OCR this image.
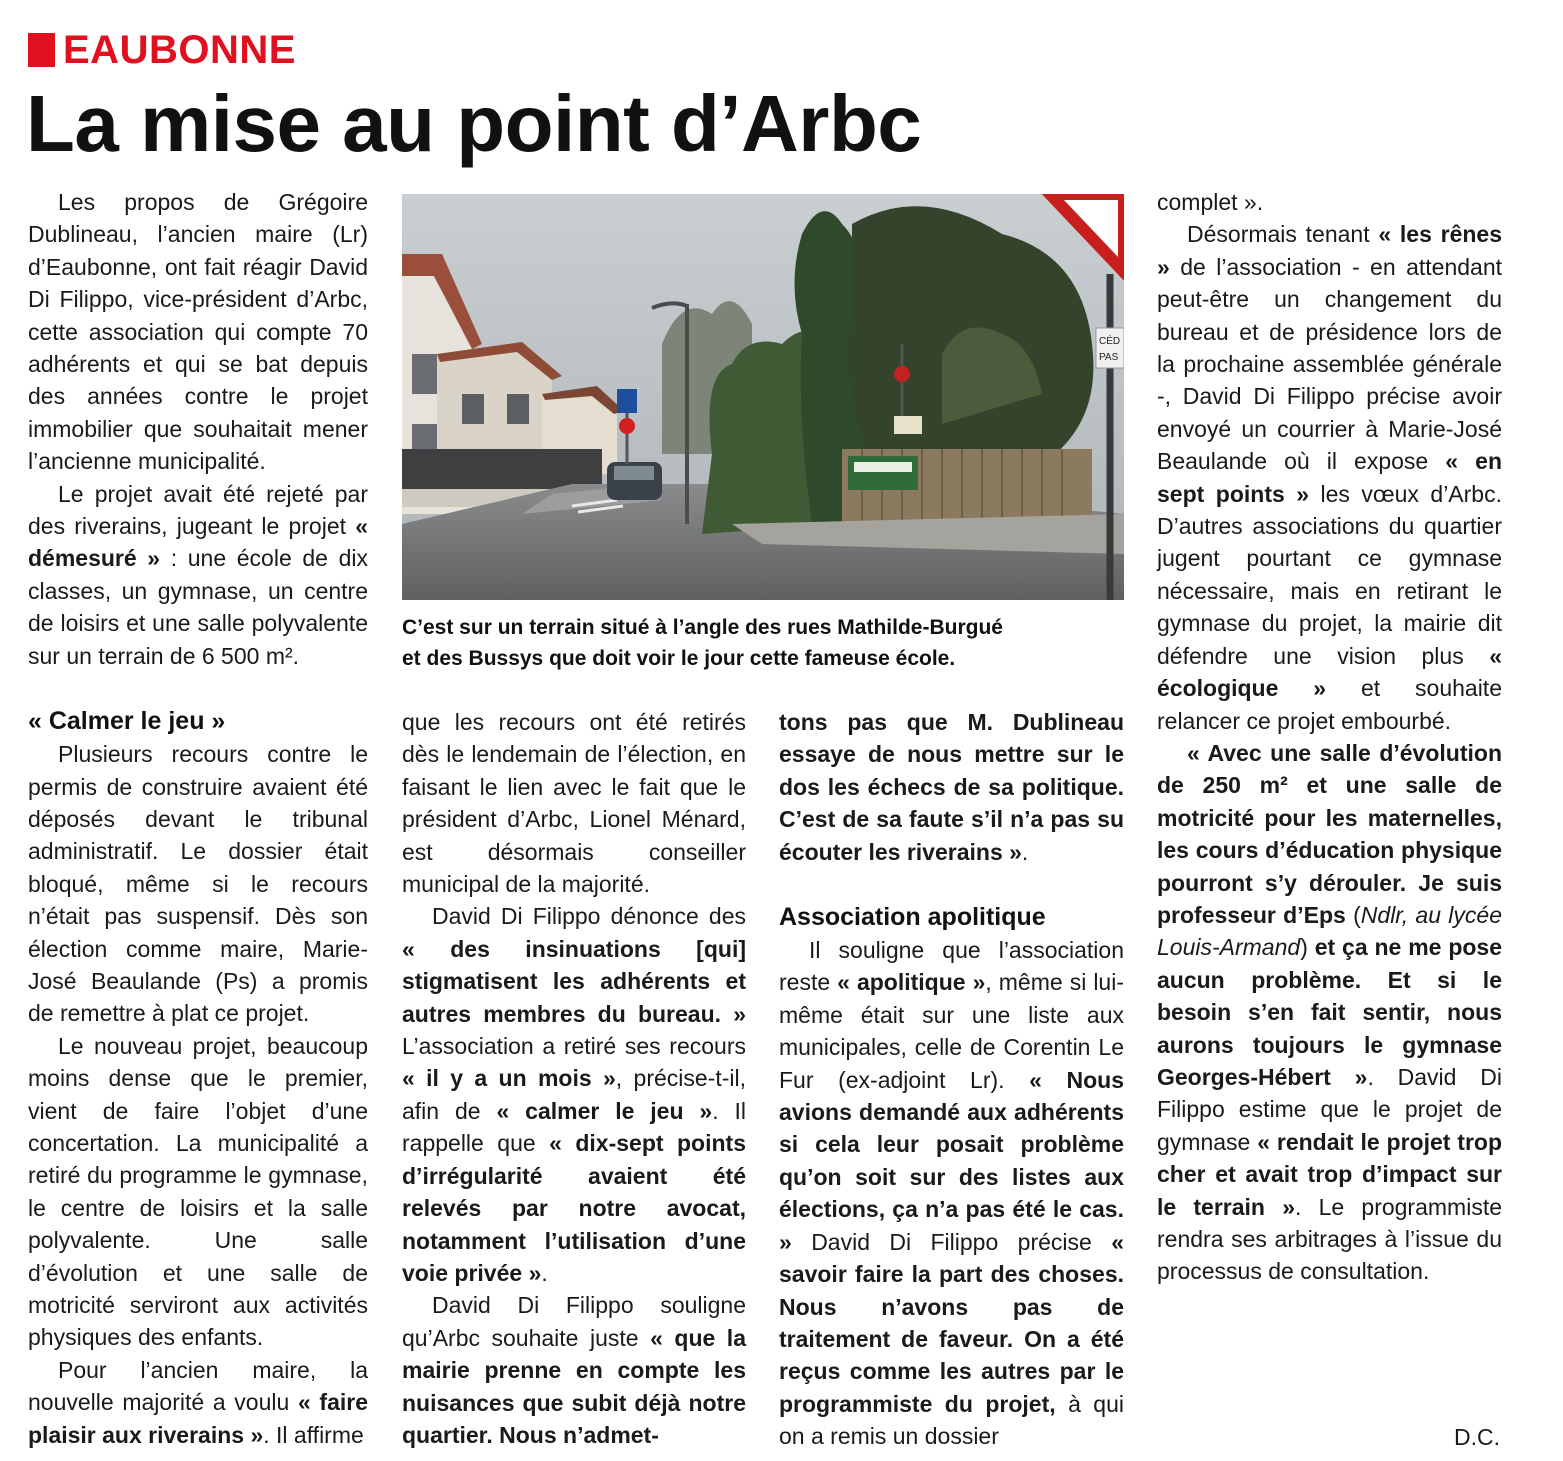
EAUBONNE
La mise au point d’Arbc

Les propos de Grégoire Dublineau, l’ancien maire (Lr) d’Eaubonne, ont fait réagir David Di Filippo, vice-président d’Arbc, cette association qui compte 70 adhérents et qui se bat depuis des années contre le projet immobilier que souhaitait mener l’ancienne municipalité.

Le projet avait été rejeté par des riverains, jugeant le projet « démesuré » : une école de dix classes, un gymnase, un centre de loisirs et une salle polyvalente sur un terrain de 6 500 m².

« Calmer le jeu »

Plusieurs recours contre le permis de construire avaient été déposés devant le tribunal administratif. Le dossier était bloqué, même si le recours n’était pas suspensif. Dès son élection comme maire, Marie-José Beaulande (Ps) a promis de remettre à plat ce projet.

Le nouveau projet, beaucoup moins dense que le premier, vient de faire l’objet d’une concertation. La municipalité a retiré du programme le gymnase, le centre de loisirs et la salle polyvalente. Une salle d’évolution et une salle de motricité serviront aux activités physiques des enfants.

Pour l’ancien maire, la nouvelle majorité a voulu « faire plaisir aux riverains ». Il affirme

CÉD
PAS
C’est sur un terrain situé à l’angle des rues Mathilde-Burgué
et des Bussys que doit voir le jour cette fameuse école.

que les recours ont été retirés dès le lendemain de l’élection, en faisant le lien avec le fait que le président d’Arbc, Lionel Ménard, est désormais conseiller municipal de la majorité.

David Di Filippo dénonce des « des insinuations [qui] stigmatisent les adhérents et autres membres du bureau. » L’association a retiré ses recours « il y a un mois », précise-t-il, afin de « calmer le jeu ». Il rappelle que « dix-sept points d’irrégularité avaient été relevés par notre avocat, notamment l’utilisation d’une voie privée ».

David Di Filippo souligne qu’Arbc souhaite juste « que la mairie prenne en compte les nuisances que subit déjà notre quartier. Nous n’admet-

tons pas que M. Dublineau essaye de nous mettre sur le dos les échecs de sa politique. C’est de sa faute s’il n’a pas su écouter les riverains ».

Association apolitique

Il souligne que l’association reste « apolitique », même si lui-même était sur une liste aux municipales, celle de Corentin Le Fur (ex-adjoint Lr). « Nous avions demandé aux adhérents si cela leur posait problème qu’on soit sur des listes aux élections, ça n’a pas été le cas. » David Di Filippo précise « savoir faire la part des choses. Nous n’avons pas de traitement de faveur. On a été reçus comme les autres par le programmiste du projet, à qui on a remis un dossier

complet ».

Désormais tenant « les rênes » de l’association - en attendant peut-être un changement du bureau et de présidence lors de la prochaine assemblée générale -, David Di Filippo précise avoir envoyé un courrier à Marie-José Beaulande où il expose « en sept points » les vœux d’Arbc. D’autres associations du quartier jugent pourtant ce gymnase nécessaire, mais en retirant le gymnase du projet, la mairie dit défendre une vision plus « écologique » et souhaite relancer ce projet embourbé.

« Avec une salle d’évolution de 250 m² et une salle de motricité pour les maternelles, les cours d’éducation physique pourront s’y dérouler. Je suis professeur d’Eps (Ndlr, au lycée Louis-Armand) et ça ne me pose aucun problème. Et si le besoin s’en fait sentir, nous aurons toujours le gymnase Georges-Hébert ». David Di Filippo estime que le projet de gymnase « rendait le projet trop cher et avait trop d’impact sur le terrain ». Le programmiste rendra ses arbitrages à l’issue du processus de consultation.

D.C.
